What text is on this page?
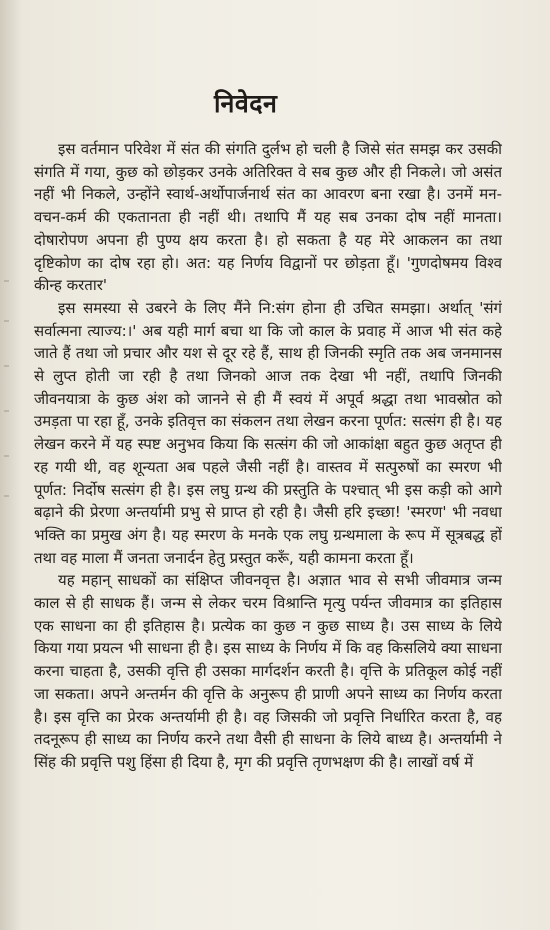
निवेदन

इस वर्तमान परिवेश में संत की संगति दुर्लभ हो चली है जिसे संत समझ कर उसकी संगति में गया, कुछ को छोड़कर उनके अतिरिक्त वे सब कुछ और ही निकले। जो असंत नहीं भी निकले, उन्होंने स्वार्थ-अर्थोपार्जनार्थ संत का आवरण बना रखा है। उनमें मन-वचन-कर्म की एकतानता ही नहीं थी। तथापि मैं यह सब उनका दोष नहीं मानता। दोषारोपण अपना ही पुण्य क्षय करता है। हो सकता है यह मेरे आकलन का तथा दृष्टिकोण का दोष रहा हो। अत: यह निर्णय विद्वानों पर छोड़ता हूँ। 'गुणदोषमय विश्व कीन्ह करतार'

इस समस्या से उबरने के लिए मैंने नि:संग होना ही उचित समझा। अर्थात् 'संगं सर्वात्मना त्याज्य:।' अब यही मार्ग बचा था कि जो काल के प्रवाह में आज भी संत कहे जाते हैं तथा जो प्रचार और यश से दूर रहे हैं, साथ ही जिनकी स्मृति तक अब जनमानस से लुप्त होती जा रही है तथा जिनको आज तक देखा भी नहीं, तथापि जिनकी जीवनयात्रा के कुछ अंश को जानने से ही मैं स्वयं में अपूर्व श्रद्धा तथा भावस्रोत को उमड़ता पा रहा हूँ, उनके इतिवृत्त का संकलन तथा लेखन करना पूर्णत: सत्संग ही है। यह लेखन करने में यह स्पष्ट अनुभव किया कि सत्संग की जो आकांक्षा बहुत कुछ अतृप्त ही रह गयी थी, वह शून्यता अब पहले जैसी नहीं है। वास्तव में सत्पुरुषों का स्मरण भी पूर्णत: निर्दोष सत्संग ही है। इस लघु ग्रन्थ की प्रस्तुति के पश्चात् भी इस कड़ी को आगे बढ़ाने की प्रेरणा अन्तर्यामी प्रभु से प्राप्त हो रही है। जैसी हरि इच्छा! 'स्मरण' भी नवधा भक्ति का प्रमुख अंग है। यह स्मरण के मनके एक लघु ग्रन्थमाला के रूप में सूत्रबद्ध हों तथा वह माला मैं जनता जनार्दन हेतु प्रस्तुत करूँ, यही कामना करता हूँ।

यह महान् साधकों का संक्षिप्त जीवनवृत्त है। अज्ञात भाव से सभी जीवमात्र जन्म काल से ही साधक हैं। जन्म से लेकर चरम विश्रान्ति मृत्यु पर्यन्त जीवमात्र का इतिहास एक साधना का ही इतिहास है। प्रत्येक का कुछ न कुछ साध्य है। उस साध्य के लिये किया गया प्रयत्न भी साधना ही है। इस साध्य के निर्णय में कि वह किसलिये क्या साधना करना चाहता है, उसकी वृत्ति ही उसका मार्गदर्शन करती है। वृत्ति के प्रतिकूल कोई नहीं जा सकता। अपने अन्तर्मन की वृत्ति के अनुरूप ही प्राणी अपने साध्य का निर्णय करता है। इस वृत्ति का प्रेरक अन्तर्यामी ही है। वह जिसकी जो प्रवृत्ति निर्धारित करता है, वह तदनूरूप ही साध्य का निर्णय करने तथा वैसी ही साधना के लिये बाध्य है। अन्तर्यामी ने सिंह की प्रवृत्ति पशु हिंसा ही दिया है, मृग की प्रवृत्ति तृणभक्षण की है। लाखों वर्ष में
